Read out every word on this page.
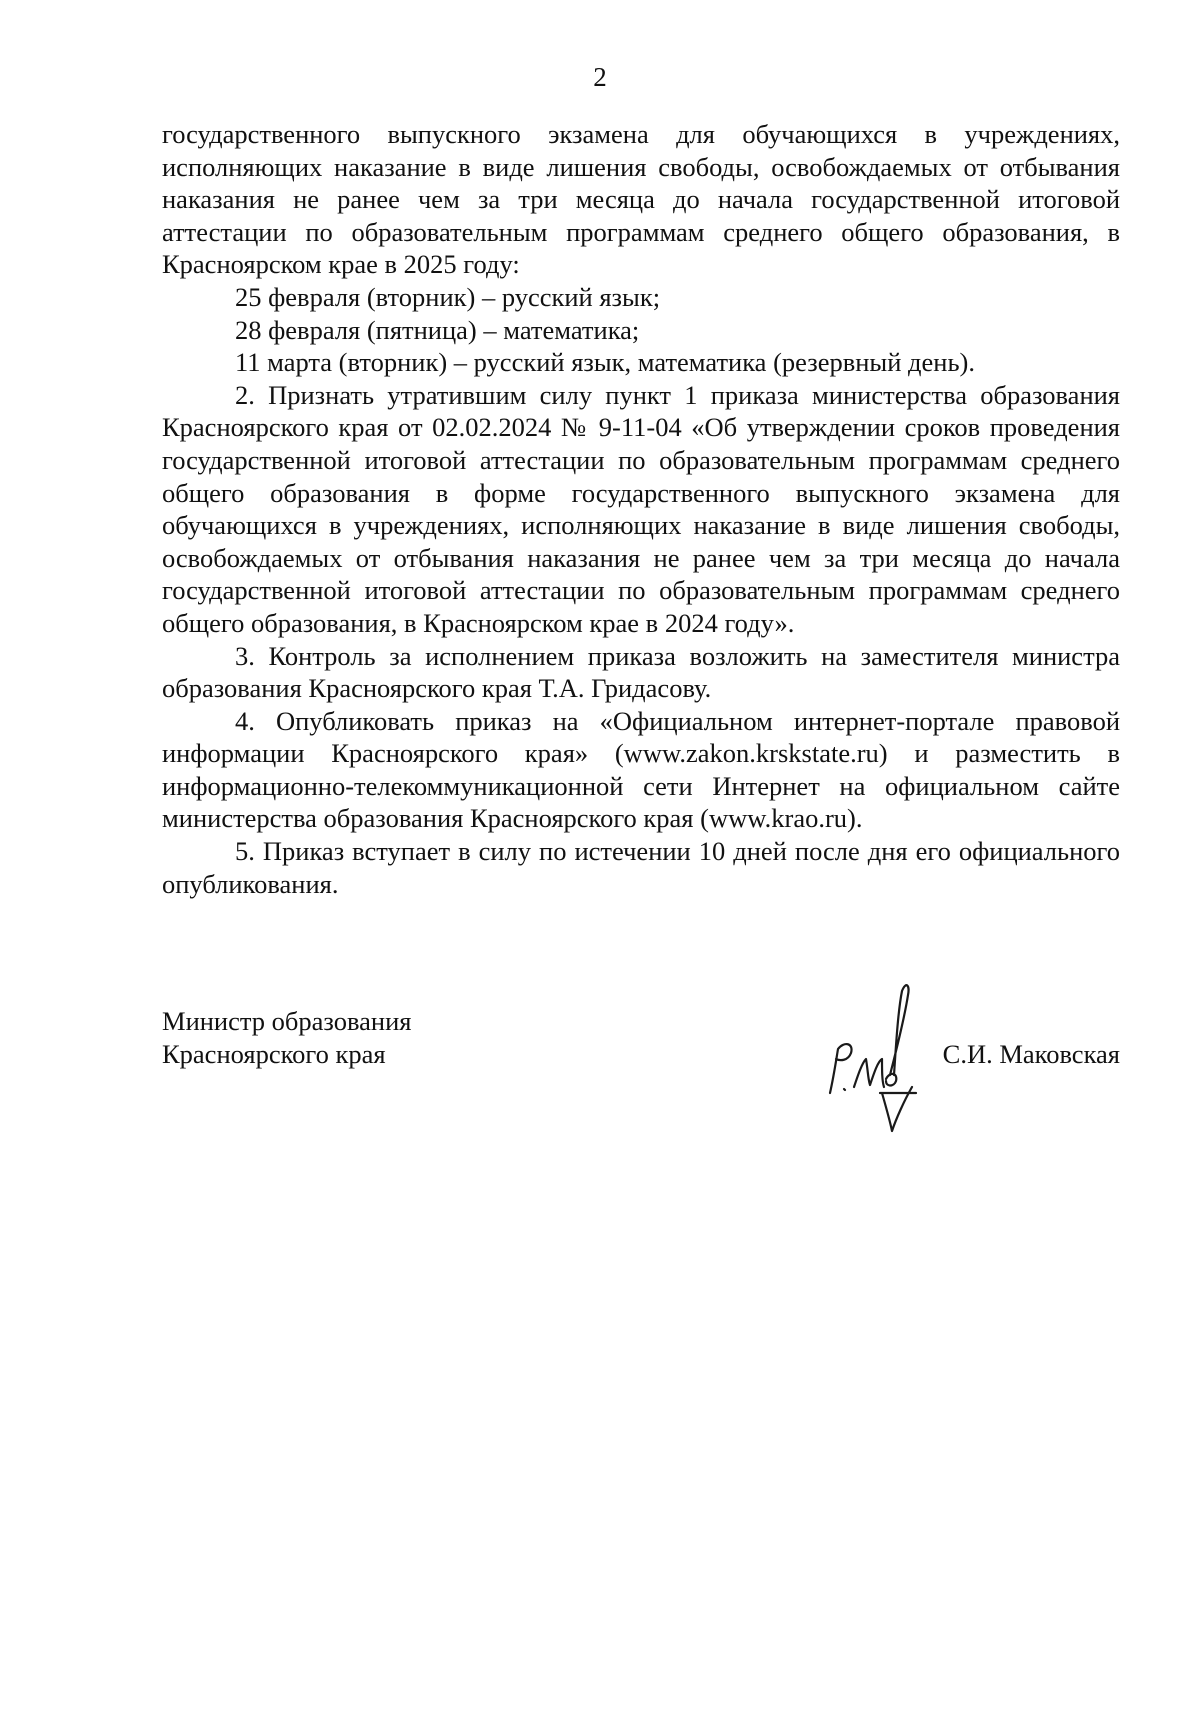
2

государственного выпускного экзамена для обучающихся в учреждениях, исполняющих наказание в виде лишения свободы, освобождаемых от отбывания наказания не ранее чем за три месяца до начала государственной итоговой аттестации по образовательным программам среднего общего образования, в Красноярском крае в 2025 году:

25 февраля (вторник) – русский язык;

28 февраля (пятница) – математика;

11 марта (вторник) – русский язык, математика (резервный день).

2. Признать утратившим силу пункт 1 приказа министерства образования Красноярского края от 02.02.2024 № 9-11-04 «Об утверждении сроков проведения государственной итоговой аттестации по образовательным программам среднего общего образования в форме государственного выпускного экзамена для обучающихся в учреждениях, исполняющих наказание в виде лишения свободы, освобождаемых от отбывания наказания не ранее чем за три месяца до начала государственной итоговой аттестации по образовательным программам среднего общего образования, в Красноярском крае в 2024 году».

3. Контроль за исполнением приказа возложить на заместителя министра образования Красноярского края Т.А. Гридасову.

4. Опубликовать приказ на «Официальном интернет-портале правовой информации Красноярского края» (www.zakon.krskstate.ru) и разместить в информационно-телекоммуникационной сети Интернет на официальном сайте министерства образования Красноярского края (www.krao.ru).

5. Приказ вступает в силу по истечении 10 дней после дня его официального опубликования.

Министр образования
Красноярского края	С.И. Маковская
